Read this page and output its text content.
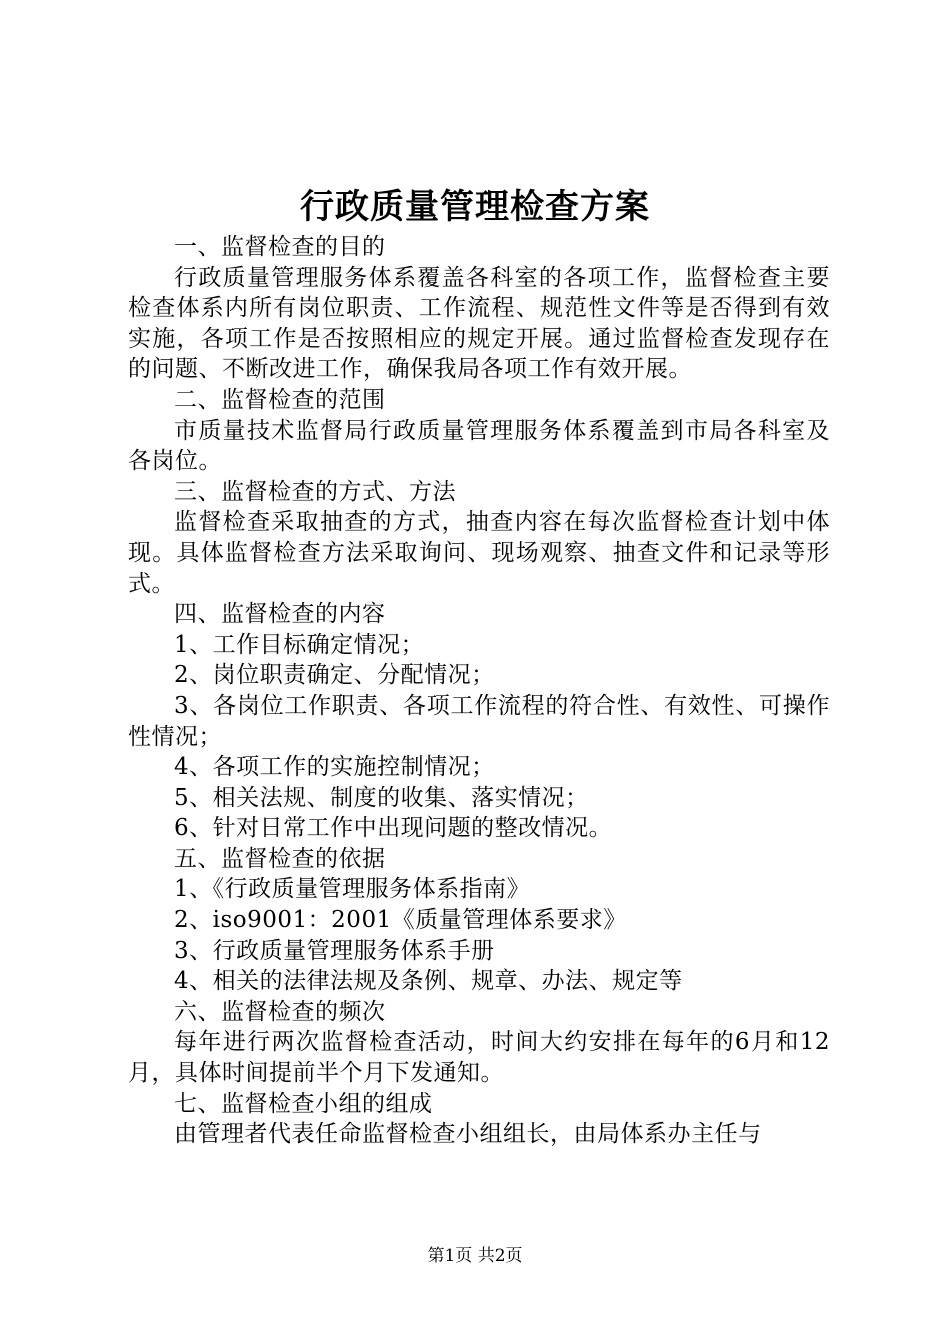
行政质量管理检查方案

一、监督检查的目的

行政质量管理服务体系覆盖各科室的各项工作，监督检查主要检查体系内所有岗位职责、工作流程、规范性文件等是否得到有效实施，各项工作是否按照相应的规定开展。通过监督检查发现存在的问题、不断改进工作，确保我局各项工作有效开展。

二、监督检查的范围

市质量技术监督局行政质量管理服务体系覆盖到市局各科室及各岗位。

三、监督检查的方式、方法

监督检查采取抽查的方式，抽查内容在每次监督检查计划中体现。具体监督检查方法采取询问、现场观察、抽查文件和记录等形式。

四、监督检查的内容

1、工作目标确定情况；

2、岗位职责确定、分配情况；

3、各岗位工作职责、各项工作流程的符合性、有效性、可操作性情况；

4、各项工作的实施控制情况；

5、相关法规、制度的收集、落实情况；

6、针对日常工作中出现问题的整改情况。

五、监督检查的依据

1、《行政质量管理服务体系指南》

2、iso9001：2001《质量管理体系要求》

3、行政质量管理服务体系手册

4、相关的法律法规及条例、规章、办法、规定等

六、监督检查的频次

每年进行两次监督检查活动，时间大约安排在每年的6月和12月，具体时间提前半个月下发通知。

七、监督检查小组的组成

由管理者代表任命监督检查小组组长，由局体系办主任与

第1页 共2页
